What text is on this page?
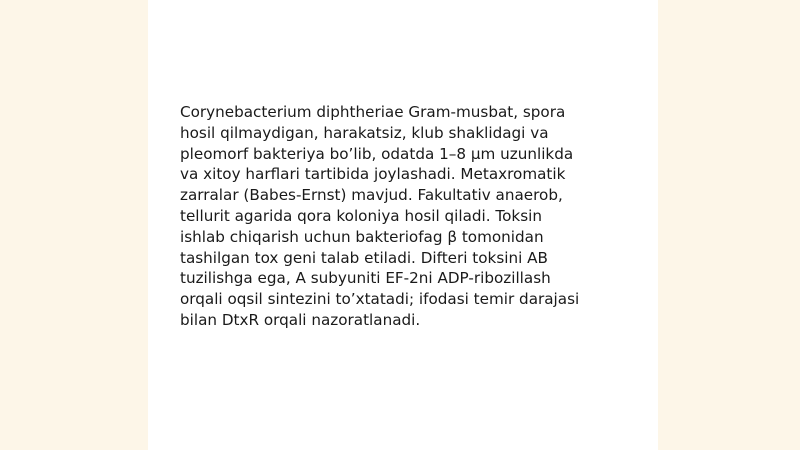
Corynebacterium diphtheriae Gram-musbat, spora
hosil qilmaydigan, harakatsiz, klub shaklidagi va
pleomorf bakteriya bo’lib, odatda 1–8 µm uzunlikda
va xitoy harflari tartibida joylashadi. Metaxromatik
zarralar (Babes-Ernst) mavjud. Fakultativ anaerob,
tellurit agarida qora koloniya hosil qiladi. Toksin
ishlab chiqarish uchun bakteriofag β tomonidan
tashilgan tox geni talab etiladi. Difteri toksini AB
tuzilishga ega, A subyuniti EF-2ni ADP-ribozillash
orqali oqsil sintezini to’xtatadi; ifodasi temir darajasi
bilan DtxR orqali nazoratlanadi.
